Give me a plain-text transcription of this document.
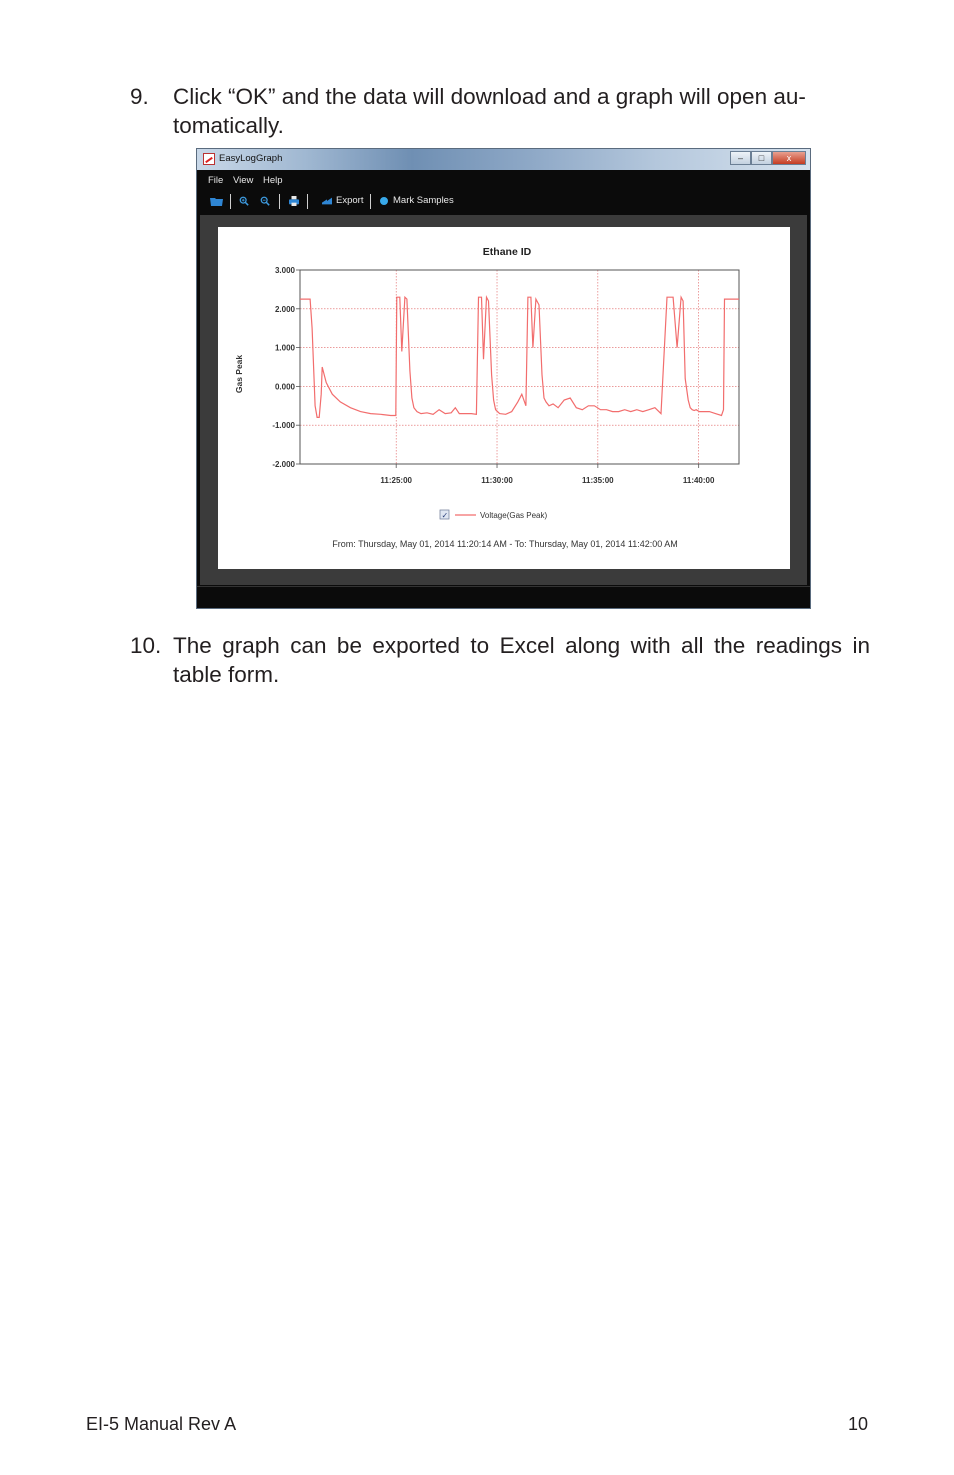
9. Click “OK” and the data will download and a graph will open au-
tomatically.
EasyLogGraph	–	□	x
File View Help
Export	Mark Samples
Ethane ID
Gas Peak
3.000
2.000
1.000
0.000
-1.000
-2.000
11:25:00	11:30:00	11:35:00	11:40:00
✓	Voltage(Gas Peak)
From: Thursday, May 01, 2014 11:20:14 AM - To: Thursday, May 01, 2014 11:42:00 AM
10. The graph can be exported to Excel along with all the readings in table form.
EI-5 Manual Rev A	10
